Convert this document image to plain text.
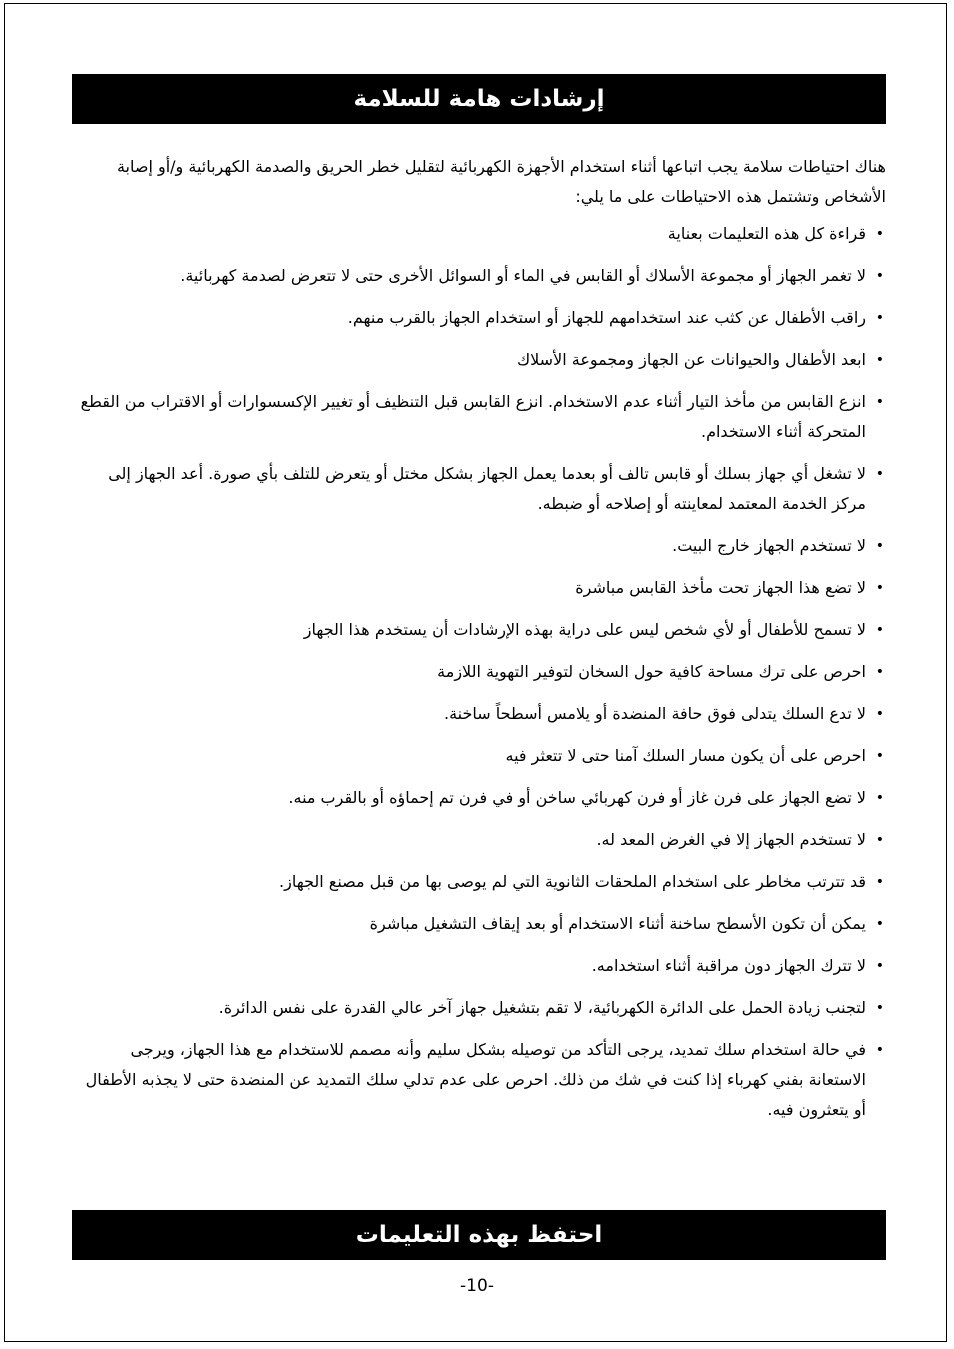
إرشادات هامة للسلامة

هناك احتياطات سلامة يجب اتباعها أثناء استخدام الأجهزة الكهربائية لتقليل خطر الحريق والصدمة الكهربائية و/أو إصابة الأشخاص وتشتمل هذه الاحتياطات على ما يلي:

•
قراءة كل هذه التعليمات بعناية
•
لا تغمر الجهاز أو مجموعة الأسلاك أو القابس في الماء أو السوائل الأخرى حتى لا تتعرض لصدمة كهربائية.
•
راقب الأطفال عن كثب عند استخدامهم للجهاز أو استخدام الجهاز بالقرب منهم.
•
ابعد الأطفال والحيوانات عن الجهاز ومجموعة الأسلاك
•
انزع القابس من مأخذ التيار أثناء عدم الاستخدام. انزع القابس قبل التنظيف أو تغيير الإكسسوارات أو الاقتراب من القطع المتحركة أثناء الاستخدام.
•
لا تشغل أي جهاز بسلك أو قابس تالف أو بعدما يعمل الجهاز بشكل مختل أو يتعرض للتلف بأي صورة. أعد الجهاز إلى مركز الخدمة المعتمد لمعاينته أو إصلاحه أو ضبطه.
•
لا تستخدم الجهاز خارج البيت.
•
لا تضع هذا الجهاز تحت مأخذ القابس مباشرة
•
لا تسمح للأطفال أو لأي شخص ليس على دراية بهذه الإرشادات أن يستخدم هذا الجهاز
•
احرص على ترك مساحة كافية حول السخان لتوفير التهوية اللازمة
•
لا تدع السلك يتدلى فوق حافة المنضدة أو يلامس أسطحاً ساخنة.
•
احرص على أن يكون مسار السلك آمنا حتى لا تتعثر فيه
•
لا تضع الجهاز على فرن غاز أو فرن كهربائي ساخن أو في فرن تم إحماؤه أو بالقرب منه.
•
لا تستخدم الجهاز إلا في الغرض المعد له.
•
قد تترتب مخاطر على استخدام الملحقات الثانوية التي لم يوصى بها من قبل مصنع الجهاز.
•
يمكن أن تكون الأسطح ساخنة أثناء الاستخدام أو بعد إيقاف التشغيل مباشرة
•
لا تترك الجهاز دون مراقبة أثناء استخدامه.
•
لتجنب زيادة الحمل على الدائرة الكهربائية، لا تقم بتشغيل جهاز آخر عالي القدرة على نفس الدائرة.
•
في حالة استخدام سلك تمديد، يرجى التأكد من توصيله بشكل سليم وأنه مصمم للاستخدام مع هذا الجهاز، ويرجى الاستعانة بفني كهرباء إذا كنت في شك من ذلك. احرص على عدم تدلي سلك التمديد عن المنضدة حتى لا يجذبه الأطفال أو يتعثرون فيه.
احتفظ بهذه التعليمات
-10-
